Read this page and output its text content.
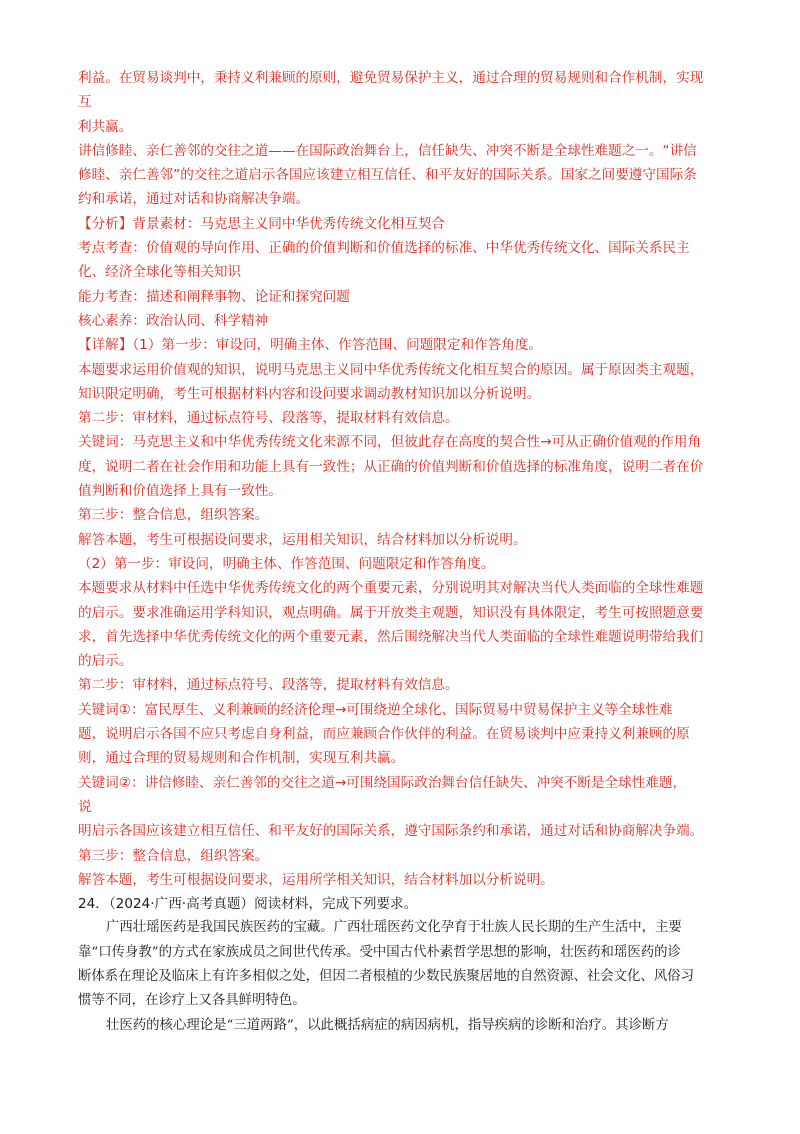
利益。在贸易谈判中，秉持义利兼顾的原则，避免贸易保护主义，通过合理的贸易规则和合作机制，实现
互
利共赢。
讲信修睦、亲仁善邻的交往之道——在国际政治舞台上，信任缺失、冲突不断是全球性难题之一。“讲信
修睦、亲仁善邻”的交往之道启示各国应该建立相互信任、和平友好的国际关系。国家之间要遵守国际条
约和承诺，通过对话和协商解决争端。
【分析】背景素材：马克思主义同中华优秀传统文化相互契合
考点考查：价值观的导向作用、正确的价值判断和价值选择的标准、中华优秀传统文化、国际关系民主
化、经济全球化等相关知识
能力考查：描述和阐释事物、论证和探究问题
核心素养：政治认同、科学精神
【详解】（1）第一步：审设问，明确主体、作答范围、问题限定和作答角度。
本题要求运用价值观的知识，说明马克思主义同中华优秀传统文化相互契合的原因。属于原因类主观题，
知识限定明确，考生可根据材料内容和设问要求调动教材知识加以分析说明。
第二步：审材料，通过标点符号、段落等，提取材料有效信息。
关键词：马克思主义和中华优秀传统文化来源不同，但彼此存在高度的契合性→可从正确价值观的作用角
度，说明二者在社会作用和功能上具有一致性；从正确的价值判断和价值选择的标准角度，说明二者在价
值判断和价值选择上具有一致性。
第三步：整合信息，组织答案。
解答本题，考生可根据设问要求，运用相关知识，结合材料加以分析说明。
（2）第一步：审设问，明确主体、作答范围、问题限定和作答角度。
本题要求从材料中任选中华优秀传统文化的两个重要元素，分别说明其对解决当代人类面临的全球性难题
的启示。要求准确运用学科知识，观点明确。属于开放类主观题，知识没有具体限定，考生可按照题意要
求，首先选择中华优秀传统文化的两个重要元素，然后围绕解决当代人类面临的全球性难题说明带给我们
的启示。
第二步：审材料，通过标点符号、段落等，提取材料有效信息。
关键词①：富民厚生、义利兼顾的经济伦理→可围绕逆全球化、国际贸易中贸易保护主义等全球性难
题，说明启示各国不应只考虑自身利益，而应兼顾合作伙伴的利益。在贸易谈判中应秉持义利兼顾的原
则，通过合理的贸易规则和合作机制，实现互利共赢。
关键词②：讲信修睦、亲仁善邻的交往之道→可围绕国际政治舞台信任缺失、冲突不断是全球性难题，
说
明启示各国应该建立相互信任、和平友好的国际关系，遵守国际条约和承诺，通过对话和协商解决争端。
第三步：整合信息，组织答案。
解答本题，考生可根据设问要求，运用所学相关知识，结合材料加以分析说明。
24．（2024·广西·高考真题）阅读材料，完成下列要求。
广西壮瑶医药是我国民族医药的宝藏。广西壮瑶医药文化孕育于壮族人民长期的生产生活中，主要
靠“口传身教”的方式在家族成员之间世代传承。受中国古代朴素哲学思想的影响，壮医药和瑶医药的诊
断体系在理论及临床上有许多相似之处，但因二者根植的少数民族聚居地的自然资源、社会文化、风俗习
惯等不同，在诊疗上又各具鲜明特色。
壮医药的核心理论是“三道两路”，以此概括病症的病因病机，指导疾病的诊断和治疗。其诊断方
